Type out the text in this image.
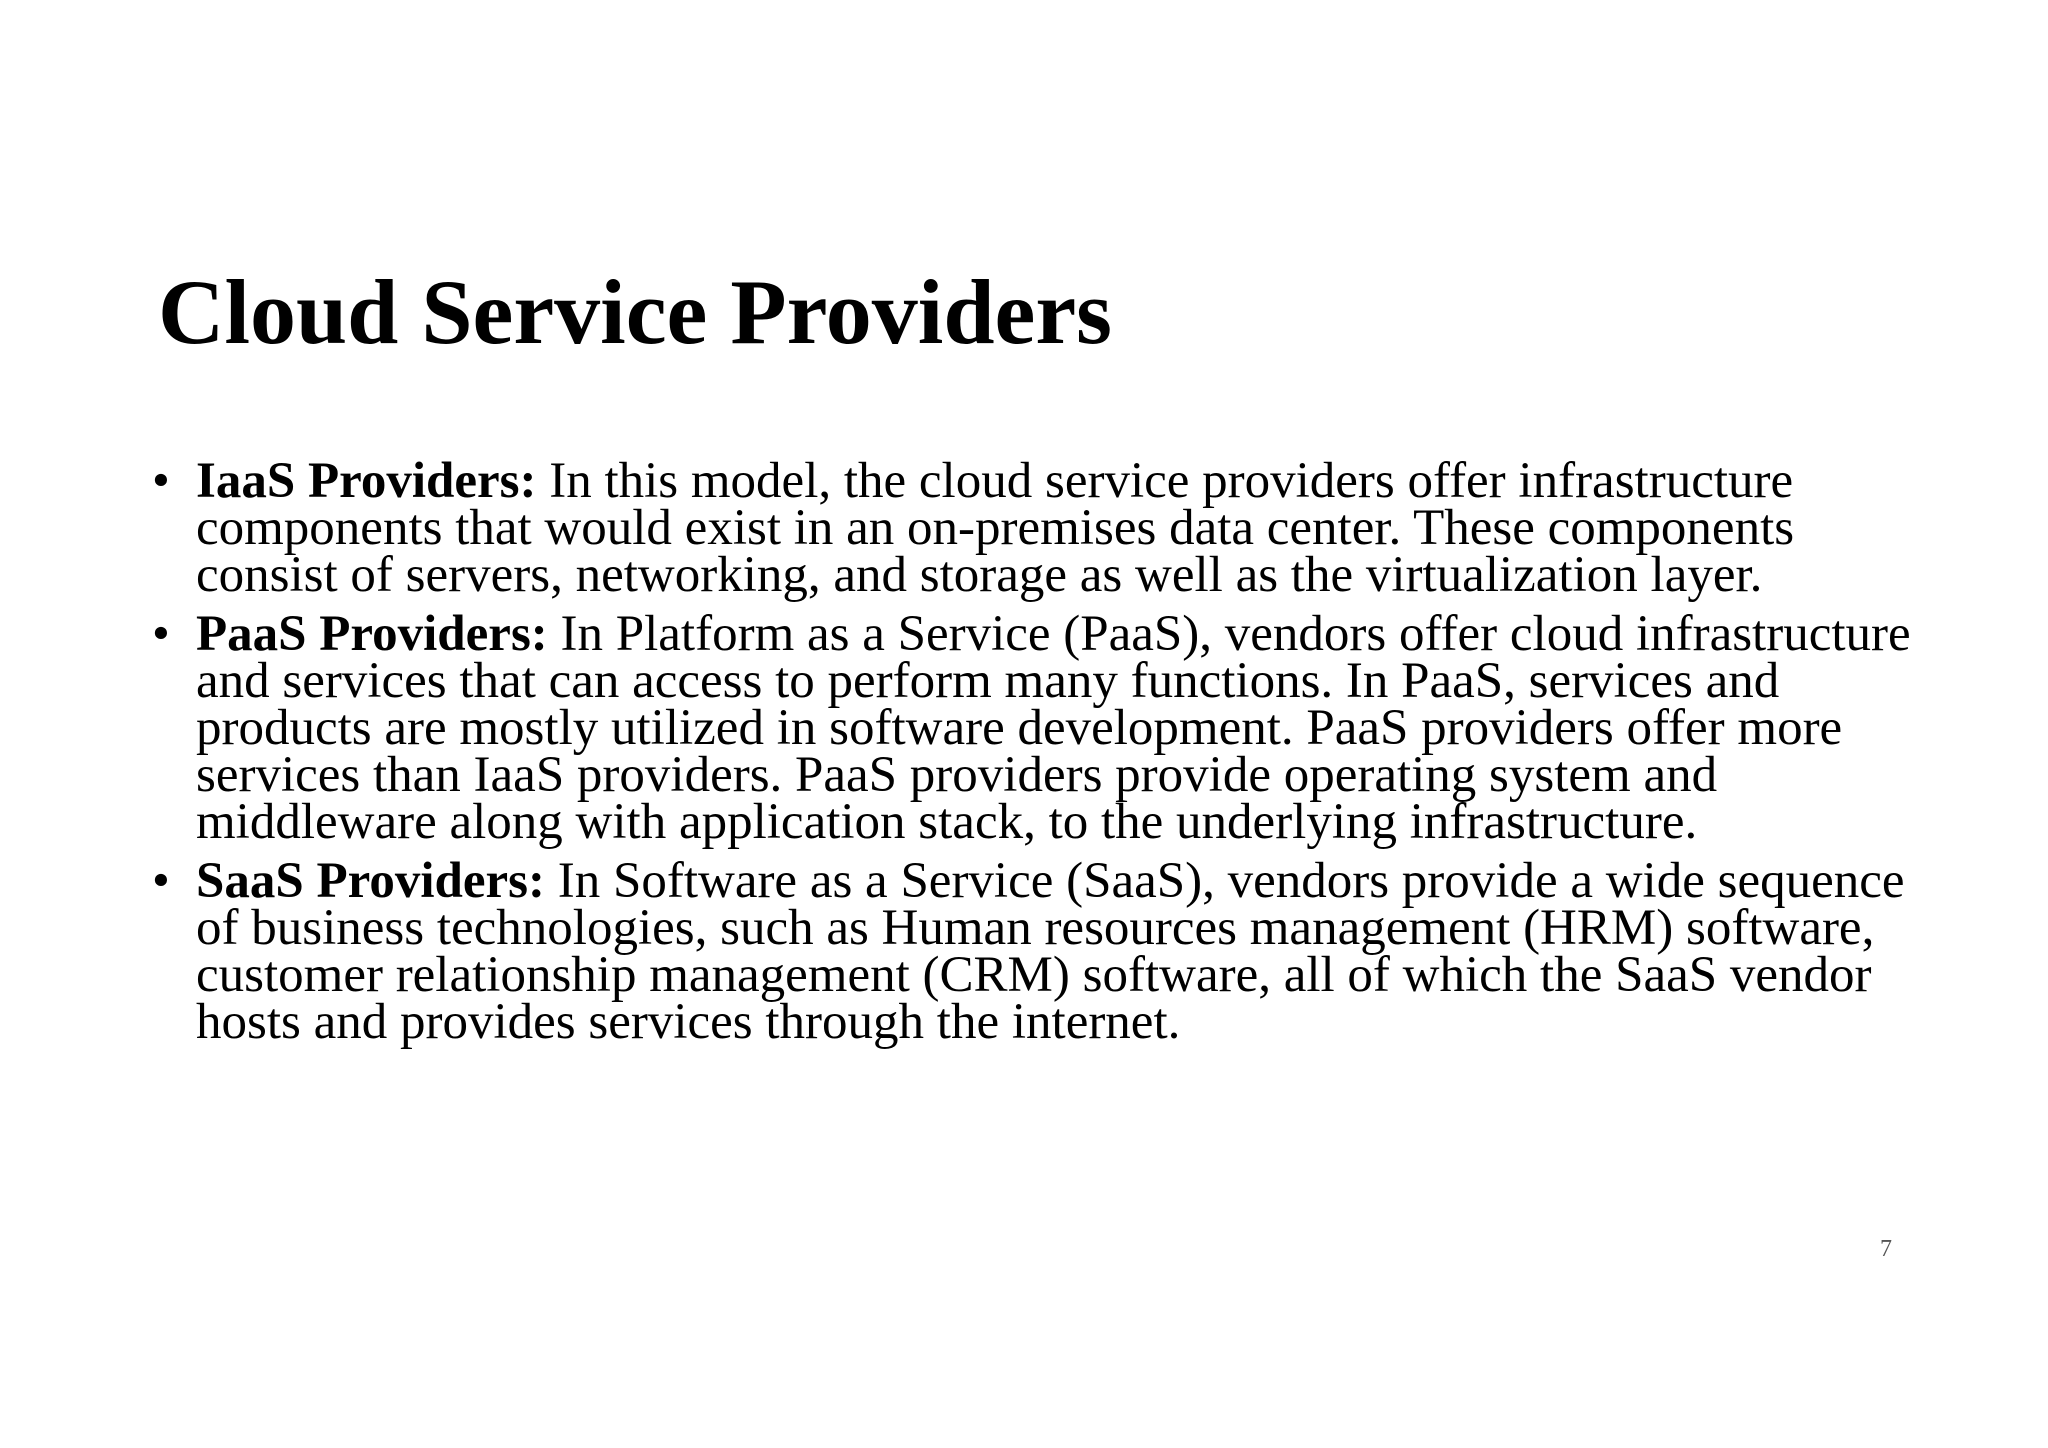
Cloud Service Providers
• IaaS Providers: In this model, the cloud service providers offer infrastructure components that would exist in an on-premises data center. These components consist of servers, networking, and storage as well as the virtualization layer.
• PaaS Providers: In Platform as a Service (PaaS), vendors offer cloud infrastructure and services that can access to perform many functions. In PaaS, services and products are mostly utilized in software development. PaaS providers offer more services than IaaS providers. PaaS providers provide operating system and middleware along with application stack, to the underlying infrastructure.
• SaaS Providers: In Software as a Service (SaaS), vendors provide a wide sequence of business technologies, such as Human resources management (HRM) software, customer relationship management (CRM) software, all of which the SaaS vendor hosts and provides services through the internet.
7
